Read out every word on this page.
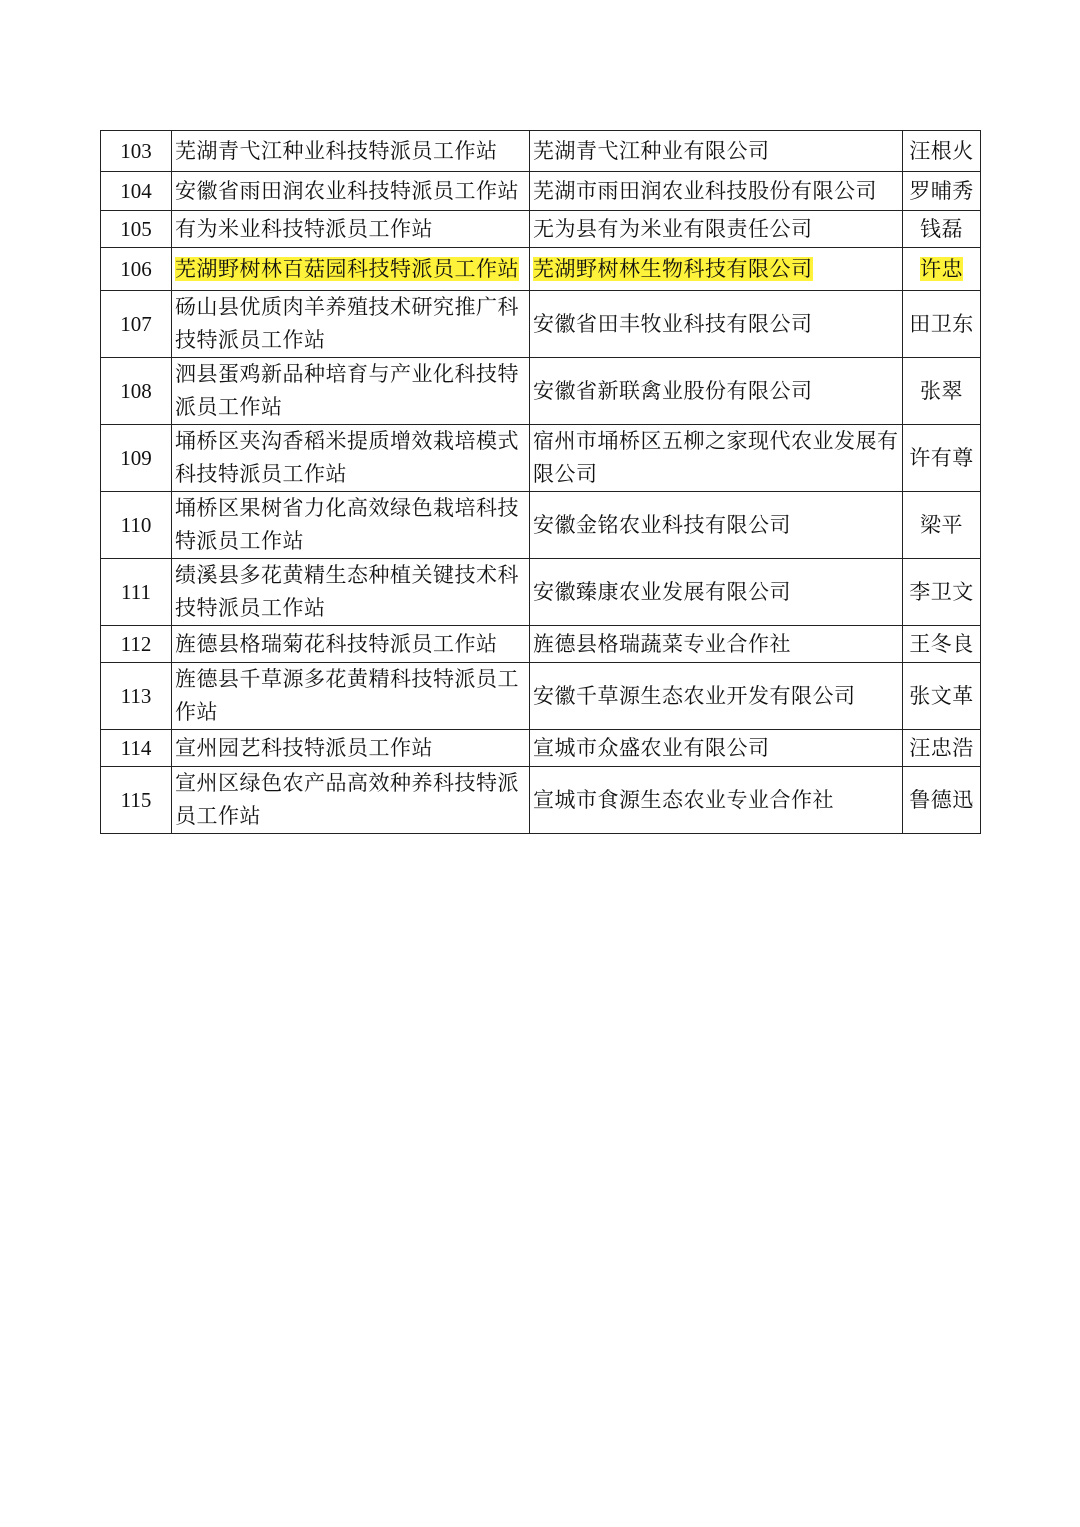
103	芜湖青弋江种业科技特派员工作站	芜湖青弋江种业有限公司	汪根火
104	安徽省雨田润农业科技特派员工作站	芜湖市雨田润农业科技股份有限公司	罗晡秀
105	有为米业科技特派员工作站	无为县有为米业有限责任公司	钱磊
106	芜湖野树林百菇园科技特派员工作站	芜湖野树林生物科技有限公司	许忠
107	砀山县优质肉羊养殖技术研究推广科技特派员工作站	安徽省田丰牧业科技有限公司	田卫东
108	泗县蛋鸡新品种培育与产业化科技特派员工作站	安徽省新联禽业股份有限公司	张翠
109	埇桥区夹沟香稻米提质增效栽培模式科技特派员工作站	宿州市埇桥区五柳之家现代农业发展有限公司	许有尊
110	埇桥区果树省力化高效绿色栽培科技特派员工作站	安徽金铭农业科技有限公司	梁平
111	绩溪县多花黄精生态种植关键技术科技特派员工作站	安徽臻康农业发展有限公司	李卫文
112	旌德县格瑞菊花科技特派员工作站	旌德县格瑞蔬菜专业合作社	王冬良
113	旌德县千草源多花黄精科技特派员工作站	安徽千草源生态农业开发有限公司	张文革
114	宣州园艺科技特派员工作站	宣城市众盛农业有限公司	汪忠浩
115	宣州区绿色农产品高效种养科技特派员工作站	宣城市食源生态农业专业合作社	鲁德迅
